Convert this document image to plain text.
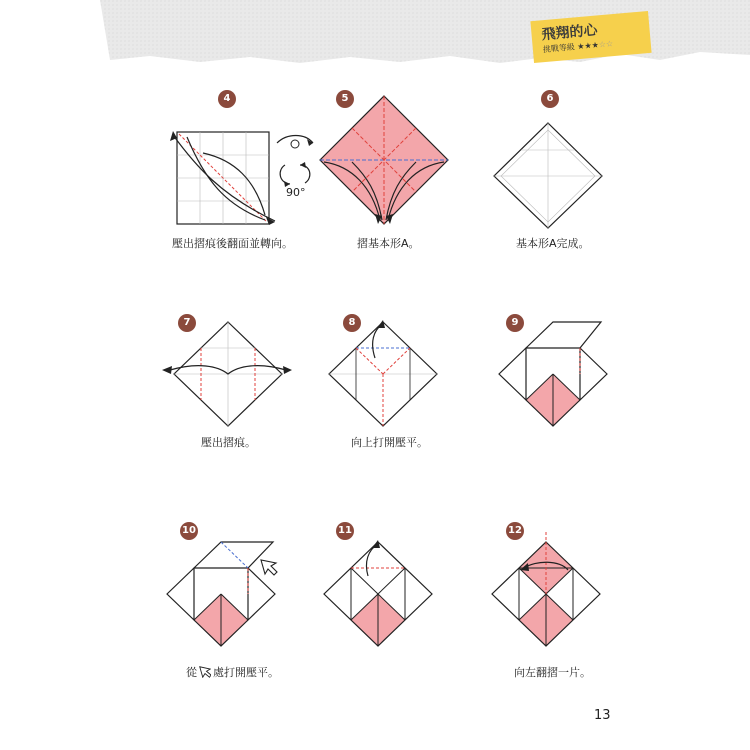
飛翔的心
挑戰等級 ★★★☆☆
4	5	6
90°
壓出摺痕後翻面並轉向。	摺基本形A。	基本形A完成。
7	8	9
壓出摺痕。	向上打開壓平。
10	11	12
從 處打開壓平。	向左翻摺一片。
13
